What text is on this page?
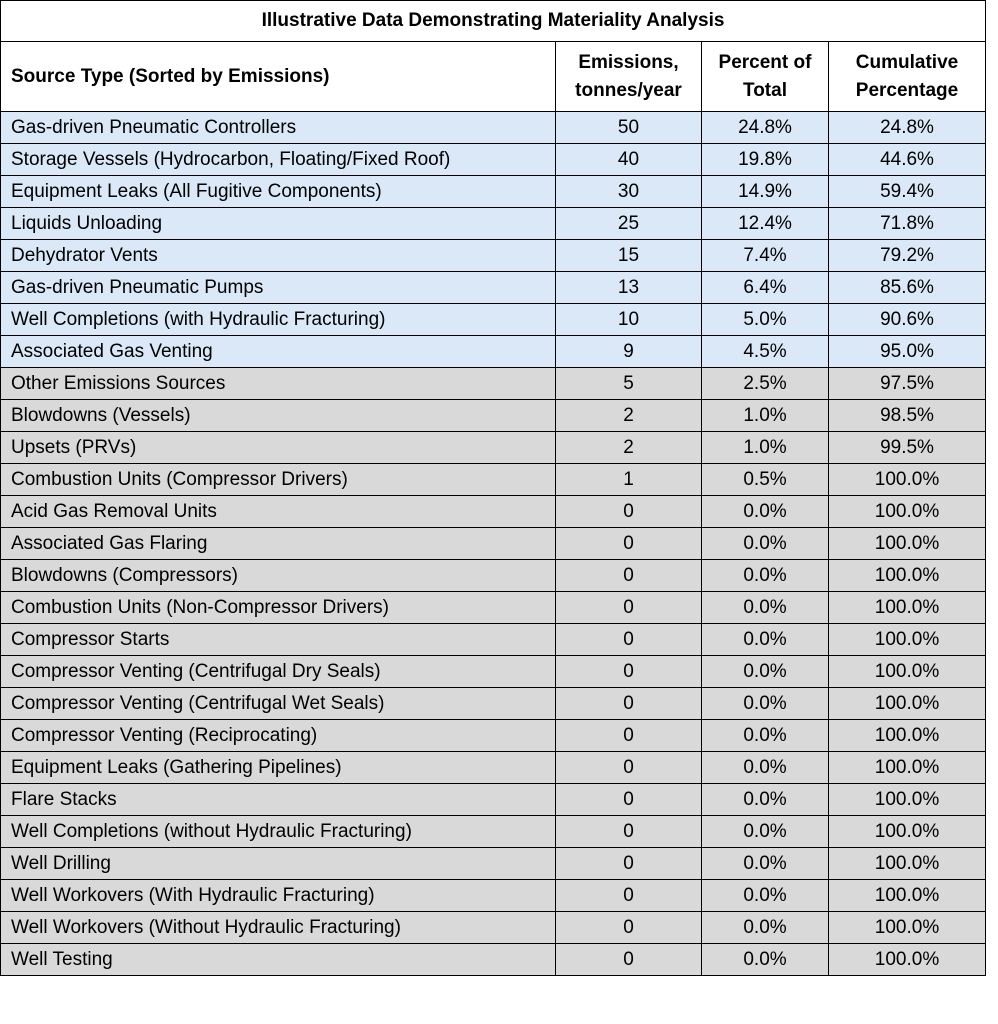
Illustrative Data Demonstrating Materiality Analysis			
Source Type (Sorted by Emissions)	Emissions, tonnes/year	Percent of Total	Cumulative Percentage
Gas-driven Pneumatic Controllers	50	24.8%	24.8%
Storage Vessels (Hydrocarbon, Floating/Fixed Roof)	40	19.8%	44.6%
Equipment Leaks (All Fugitive Components)	30	14.9%	59.4%
Liquids Unloading	25	12.4%	71.8%
Dehydrator Vents	15	7.4%	79.2%
Gas-driven Pneumatic Pumps	13	6.4%	85.6%
Well Completions (with Hydraulic Fracturing)	10	5.0%	90.6%
Associated Gas Venting	9	4.5%	95.0%
Other Emissions Sources	5	2.5%	97.5%
Blowdowns (Vessels)	2	1.0%	98.5%
Upsets (PRVs)	2	1.0%	99.5%
Combustion Units (Compressor Drivers)	1	0.5%	100.0%
Acid Gas Removal Units	0	0.0%	100.0%
Associated Gas Flaring	0	0.0%	100.0%
Blowdowns (Compressors)	0	0.0%	100.0%
Combustion Units (Non-Compressor Drivers)	0	0.0%	100.0%
Compressor Starts	0	0.0%	100.0%
Compressor Venting (Centrifugal Dry Seals)	0	0.0%	100.0%
Compressor Venting (Centrifugal Wet Seals)	0	0.0%	100.0%
Compressor Venting (Reciprocating)	0	0.0%	100.0%
Equipment Leaks (Gathering Pipelines)	0	0.0%	100.0%
Flare Stacks	0	0.0%	100.0%
Well Completions (without Hydraulic Fracturing)	0	0.0%	100.0%
Well Drilling	0	0.0%	100.0%
Well Workovers (With Hydraulic Fracturing)	0	0.0%	100.0%
Well Workovers (Without Hydraulic Fracturing)	0	0.0%	100.0%
Well Testing	0	0.0%	100.0%
